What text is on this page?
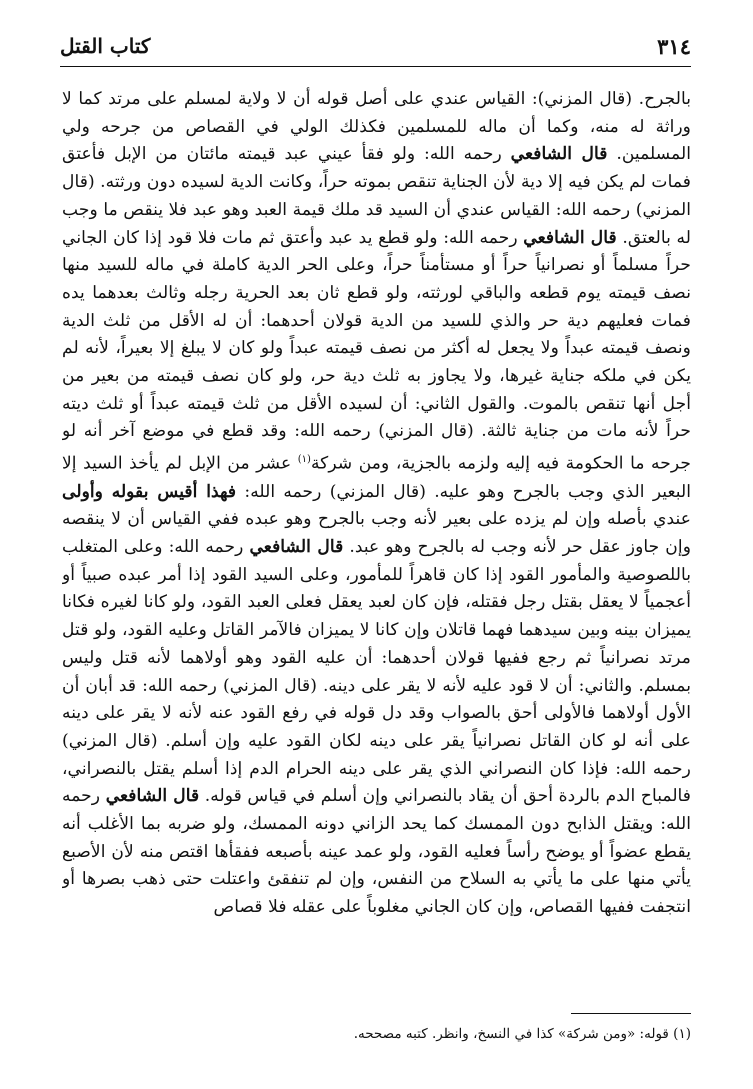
٣١٤
كتاب القتل
بالجرح. (قال المزني): القياس عندي على أصل قوله أن لا ولاية لمسلم على مرتد كما لا وراثة له منه، وكما أن ماله للمسلمين فكذلك الولي في القصاص من جرحه ولي المسلمين. قال الشافعي رحمه الله: ولو فقأ عيني عبد قيمته مائتان من الإبل فأعتق فمات لم يكن فيه إلا دية لأن الجناية تنقص بموته حراً، وكانت الدية لسيده دون ورثته. (قال المزني) رحمه الله: القياس عندي أن السيد قد ملك قيمة العبد وهو عبد فلا ينقص ما وجب له بالعتق. قال الشافعي رحمه الله: ولو قطع يد عبد وأعتق ثم مات فلا قود إذا كان الجاني حراً مسلماً أو نصرانياً حراً أو مستأمناً حراً، وعلى الحر الدية كاملة في ماله للسيد منها نصف قيمته يوم قطعه والباقي لورثته، ولو قطع ثان بعد الحرية رجله وثالث بعدهما يده فمات فعليهم دية حر والذي للسيد من الدية قولان أحدهما: أن له الأقل من ثلث الدية ونصف قيمته عبداً ولا يجعل له أكثر من نصف قيمته عبداً ولو كان لا يبلغ إلا بعيراً، لأنه لم يكن في ملكه جناية غيرها، ولا يجاوز به ثلث دية حر، ولو كان نصف قيمته من بعير من أجل أنها تنقص بالموت. والقول الثاني: أن لسيده الأقل من ثلث قيمته عبداً أو ثلث ديته حراً لأنه مات من جناية ثالثة. (قال المزني) رحمه الله: وقد قطع في موضع آخر أنه لو جرحه ما الحكومة فيه إليه ولزمه بالجزية، ومن شركة$^{(١)}$ عشر من الإبل لم يأخذ السيد إلا البعير الذي وجب بالجرح وهو عليه. (قال المزني) رحمه الله: فهذا أقيس بقوله وأولى عندي بأصله وإن لم يزده على بعير لأنه وجب بالجرح وهو عبده ففي القياس أن لا ينقصه وإن جاوز عقل حر لأنه وجب له بالجرح وهو عبد. قال الشافعي رحمه الله: وعلى المتغلب باللصوصية والمأمور القود إذا كان قاهراً للمأمور، وعلى السيد القود إذا أمر عبده صبياً أو أعجمياً لا يعقل بقتل رجل فقتله، فإن كان لعبد يعقل فعلى العبد القود، ولو كانا لغيره فكانا يميزان بينه وبين سيدهما فهما قاتلان وإن كانا لا يميزان فالآمر القاتل وعليه القود، ولو قتل مرتد نصرانياً ثم رجع ففيها قولان أحدهما: أن عليه القود وهو أولاهما لأنه قتل وليس بمسلم. والثاني: أن لا قود عليه لأنه لا يقر على دينه. (قال المزني) رحمه الله: قد أبان أن الأول أولاهما فالأولى أحق بالصواب وقد دل قوله في رفع القود عنه لأنه لا يقر على دينه على أنه لو كان القاتل نصرانياً يقر على دينه لكان القود عليه وإن أسلم. (قال المزني) رحمه الله: فإذا كان النصراني الذي يقر على دينه الحرام الدم إذا أسلم يقتل بالنصراني، فالمباح الدم بالردة أحق أن يقاد بالنصراني وإن أسلم في قياس قوله. قال الشافعي رحمه الله: ويقتل الذابح دون الممسك كما يحد الزاني دونه الممسك، ولو ضربه بما الأغلب أنه يقطع عضواً أو يوضح رأساً فعليه القود، ولو عمد عينه بأصبعه ففقأها اقتص منه لأن الأصبع يأتي منها على ما يأتي به السلاح من النفس، وإن لم تنفقئ واعتلت حتى ذهب بصرها أو انتجفت ففيها القصاص، وإن كان الجاني مغلوباً على عقله فلا قصاص
(١) قوله: «ومن شركة» كذا في النسخ، وانظر. كتبه مصححه.
